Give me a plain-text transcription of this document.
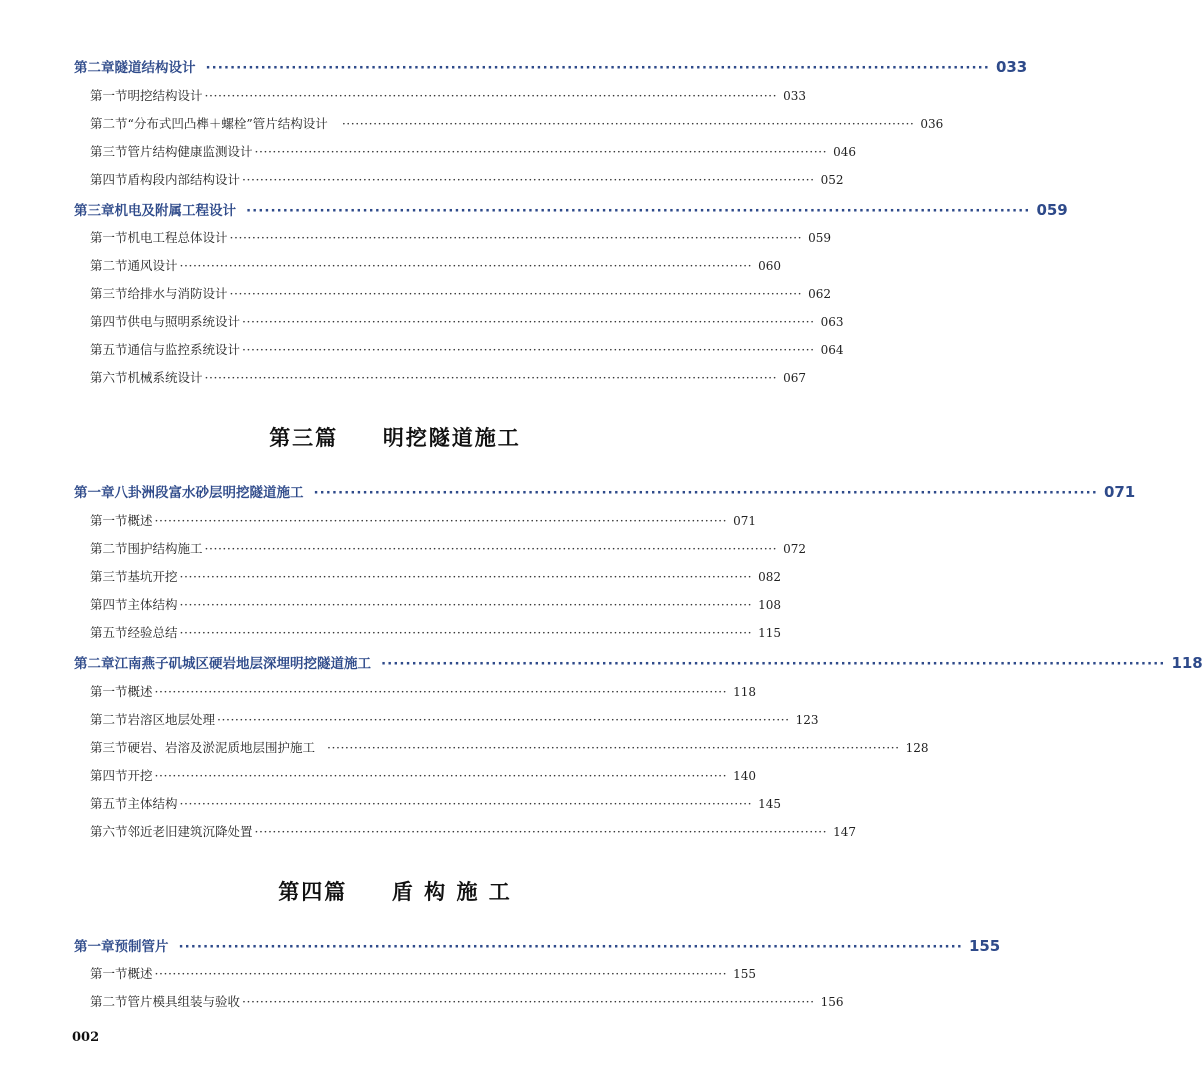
第二章 隧道结构设计 ································································································································ 033
第一节 明挖结构设计 ································································································································ 033
第二节 “分布式凹凸榫＋螺栓”管片结构设计 ································································································································ 036
第三节 管片结构健康监测设计 ································································································································ 046
第四节 盾构段内部结构设计 ································································································································ 052
第三章 机电及附属工程设计 ································································································································ 059
第一节 机电工程总体设计 ································································································································ 059
第二节 通风设计 ································································································································ 060
第三节 给排水与消防设计 ································································································································ 062
第四节 供电与照明系统设计 ································································································································ 063
第五节 通信与监控系统设计 ································································································································ 064
第六节 机械系统设计 ································································································································ 067
第三篇 明挖隧道施工
第一章 八卦洲段富水砂层明挖隧道施工 ································································································································ 071
第一节 概述 ································································································································ 071
第二节 围护结构施工 ································································································································ 072
第三节 基坑开挖 ································································································································ 082
第四节 主体结构 ································································································································ 108
第五节 经验总结 ································································································································ 115
第二章 江南燕子矶城区硬岩地层深埋明挖隧道施工 ································································································································ 118
第一节 概述 ································································································································ 118
第二节 岩溶区地层处理 ································································································································ 123
第三节 硬岩、岩溶及淤泥质地层围护施工 ································································································································ 128
第四节 开挖 ································································································································ 140
第五节 主体结构 ································································································································ 145
第六节 邻近老旧建筑沉降处置 ································································································································ 147
第四篇 盾 构 施 工
第一章 预制管片 ································································································································ 155
第一节 概述 ································································································································ 155
第二节 管片模具组装与验收 ································································································································ 156
002
